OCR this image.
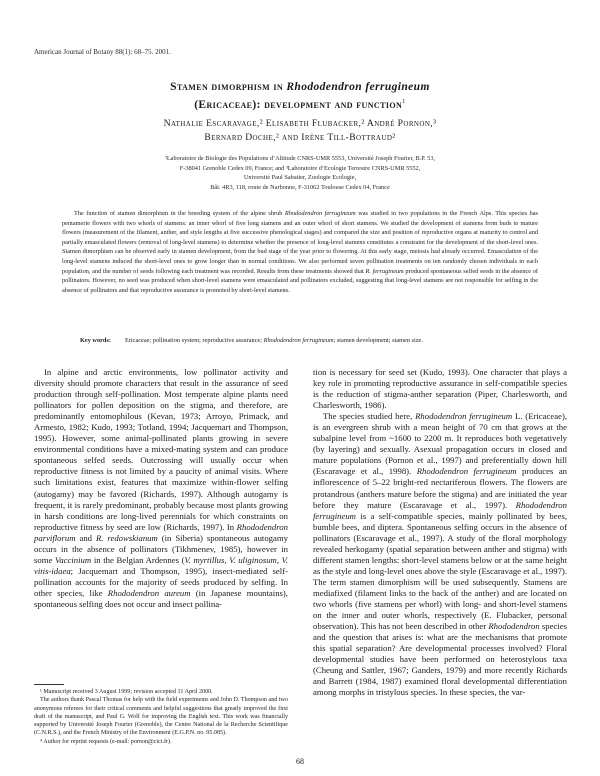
American Journal of Botany 88(1): 68–75. 2001.
Stamen dimorphism in Rhododendron ferrugineum
(Ericaceae): development and function$^1$
Nathalie Escaravage,² Elisabeth Flubacker,² André Pornon,³
Bernard Doche,² and Irène Till-Bottraud²
²Laboratoire de Biologie des Populations d’Altitude CNRS-UMR 5553, Université Joseph Fourier, B.P. 53,
F-38041 Grenoble Cedex 09, France; and ³Laboratoire d’Ecologie Terrestre CNRS-UMR 5552,
Université Paul Sabatier, Zoologie Ecologie,
Bât. 4R3, 118, route de Narbonne, F-31062 Toulouse Cedex 04, France
The function of stamen dimorphism in the breeding system of the alpine shrub Rhododendron ferrugineum was studied in two populations in the French Alps. This species has pentamerie flowers with two whorls of stamens: an inner whorl of five long stamens and an outer whorl of short stamens. We studied the development of stamens from buds to mature flowers (measurement of the filament, anther, and style lengths at five successive phenological stages) and compared the size and position of reproductive organs at maturity to control and partially emasculated flowers (removal of long-level stamens) to determine whether the presence of long-level stamens constitutes a constraint for the development of the short-level ones. Stamen dimorphism can be observed early in stamen development, from the bud stage of the year prior to flowering. At this early stage, meiosis had already occurred. Emasculation of the long-level stamens induced the short-level ones to grow longer than in normal conditions. We also performed seven pollination treatments on ten randomly chosen individuals in each population, and the number of seeds following each treatment was recorded. Results from these treatments showed that R. ferrugineum produced spontaneous selfed seeds in the absence of pollinators. However, no seed was produced when short-level stamens were emasculated and pollinators excluded, suggesting that long-level stamens are not responsible for selfing in the absence of pollinators and that reproductive assurance is promoted by short-level stamens.
Key words: Ericaceae; pollination system; reproductive assurance; Rhododendron ferrugineum; stamen development; stamen size.

In alpine and arctic environments, low pollinator activity and diversity should promote characters that result in the assurance of seed production through self-pollination. Most temperate alpine plants need pollinators for pollen deposition on the stigma, and therefore, are predominantly entomophilous (Kevan, 1973; Arroyo, Primack, and Armesto, 1982; Kudo, 1993; Totland, 1994; Jacquemart and Thompson, 1995). However, some animal-pollinated plants growing in severe environmental conditions have a mixed-mating system and can produce spontaneous selfed seeds. Outcrossing will usually occur when reproductive fitness is not limited by a paucity of animal visits. Where such limitations exist, features that maximize within-flower selfing (autogamy) may be favored (Richards, 1997). Although autogamy is frequent, it is rarely predominant, probably because most plants growing in harsh conditions are long-lived perennials for which constraints on reproductive fitness by seed are low (Richards, 1997). In Rhododendron parviflorum and R. redowskianum (in Siberia) spontaneous autogamy occurs in the absence of pollinators (Tikhmenev, 1985), however in some Vaccinium in the Belgian Ardennes (V. myrtillus, V. uliginosum, V. vitis-idaea; Jacquemart and Thompson, 1995), insect-mediated self-pollination accounts for the majority of seeds produced by selfing. In other species, like Rhododendron aureum (in Japanese mountains), spontaneous selfing does not occur and insect pollina-

¹ Manuscript received 3 August 1999; revision accepted 11 April 2000.

The authors thank Pascal Thomas for help with the field experiments and John D. Thompson and two anonymous referees for their critical comments and helpful suggestions that greatly improved the first draft of the manuscript, and Paul G. Wolf for improving the English text. This work was financially supported by Université Joseph Fourier (Grenoble), the Centre National de la Recherche Scientifique (C.N.R.S.), and the French Ministry of the Environment (E.G.P.N. no. 95.085).

⁴ Author for reprint requests (e-mail: pornon@cict.fr).

tion is necessary for seed set (Kudo, 1993). One character that plays a key role in promoting reproductive assurance in self-compatible species is the reduction of stigma-anther separation (Piper, Charlesworth, and Charlesworth, 1986).

The species studied here, Rhododendron ferrugineum L. (Ericaceae), is an evergreen shrub with a mean height of 70 cm that grows at the subalpine level from ~1600 to 2200 m. It reproduces both vegetatively (by layering) and sexually. Asexual propagation occurs in closed and mature populations (Pornon et al., 1997) and preferentially down hill (Escaravage et al., 1998). Rhododendron ferrugineum produces an inflorescence of 5–22 bright-red nectariferous flowers. The flowers are protandrous (anthers mature before the stigma) and are initiated the year before they mature (Escaravage et al., 1997). Rhododendron ferrugineum is a self-compatible species, mainly pollinated by bees, bumble bees, and diptera. Spontaneous selfing occurs in the absence of pollinators (Escaravage et al., 1997). A study of the floral morphology revealed herkogamy (spatial separation between anther and stigma) with different stamen lengths: short-level stamens below or at the same height as the style and long-level ones above the style (Escaravage et al., 1997). The term stamen dimorphism will be used subsequently. Stamens are mediafixed (filament links to the back of the anther) and are located on two whorls (five stamens per whorl) with long- and short-level stamens on the inner and outer whorls, respectively (E. Flubacker, personal observation). This has not been described in other Rhododendron species and the question that arises is: what are the mechanisms that promote this spatial separation? Are developmental processes involved? Floral developmental studies have been performed on heterostylous taxa (Cheung and Sattler, 1967; Ganders, 1979) and more recently Richards and Barrett (1984, 1987) examined floral developmental differentiation among morphs in tristylous species. In these species, the var-

68
